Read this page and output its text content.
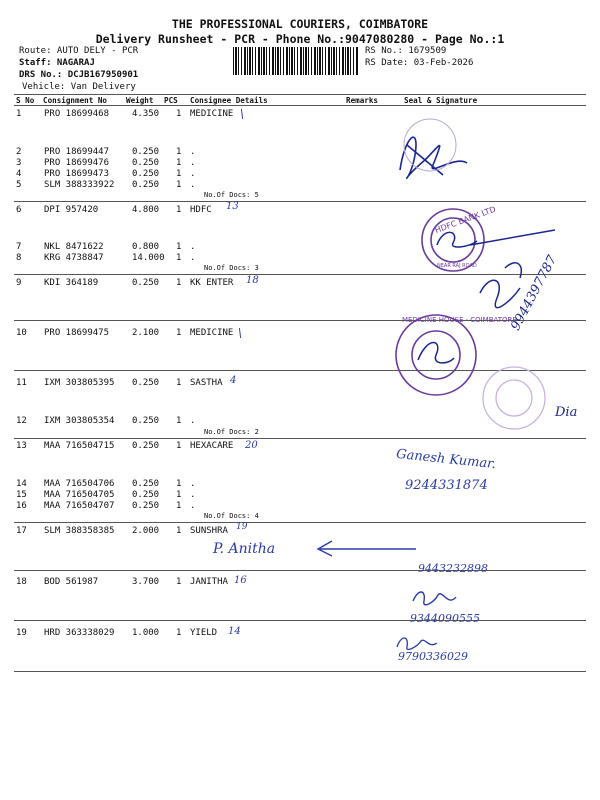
THE PROFESSIONAL COURIERS, COIMBATORE
Delivery Runsheet - PCR - Phone No.:9047080280 - Page No.:1
Route: AUTO DELY - PCR
Staff: NAGARAJ
DRS No.: DCJB167950901
Vehicle: Van Delivery
RS No.: 1679509
RS Date: 03-Feb-2026
S No Consignment No Weight PCS Consignee Details	Remarks	Seal & Signature
1	PRO 18699468	4.350 1 MEDICINE
2	PRO 18699447	0.250 1 .
3	PRO 18699476	0.250 1 .
4	PRO 18699473	0.250 1 .
5	SLM 388333922 0.250 1 .
No.Of Docs: 5
6	DPI 957420	4.800 1 HDFC
7	NKL 8471622	0.800 1 .
8	KRG 4738847	14.000 1 .
No.Of Docs: 3
9	KDI 364189	0.250 1 KK ENTER
10 PRO 18699475	2.100 1 MEDICINE
11 IXM 303805395 0.250 1 SASTHA
12 IXM 303805354 0.250 1 .
No.Of Docs: 2
13 MAA 716504715 0.250 1 HEXACARE
14 MAA 716504706 0.250 1 .
15 MAA 716504705 0.250 1 .
16 MAA 716504707 0.250 1 .
No.Of Docs: 4
17 SLM 388358385 2.000 1 SUNSHRA
18 BOD 561987	3.700 1 JANITHA
19 HRD 363338029 1.000 1 YIELD
\
13
18
\
4
20
19
16
14
HDFC BANK LTD
NEAR RAJ ROAD 9944397787
MEDICINE HOUSE · COIMBATORE
Dia
Ganesh Kumar.
9244331874
P. Anitha
9443232898
9344090555
9790336029
